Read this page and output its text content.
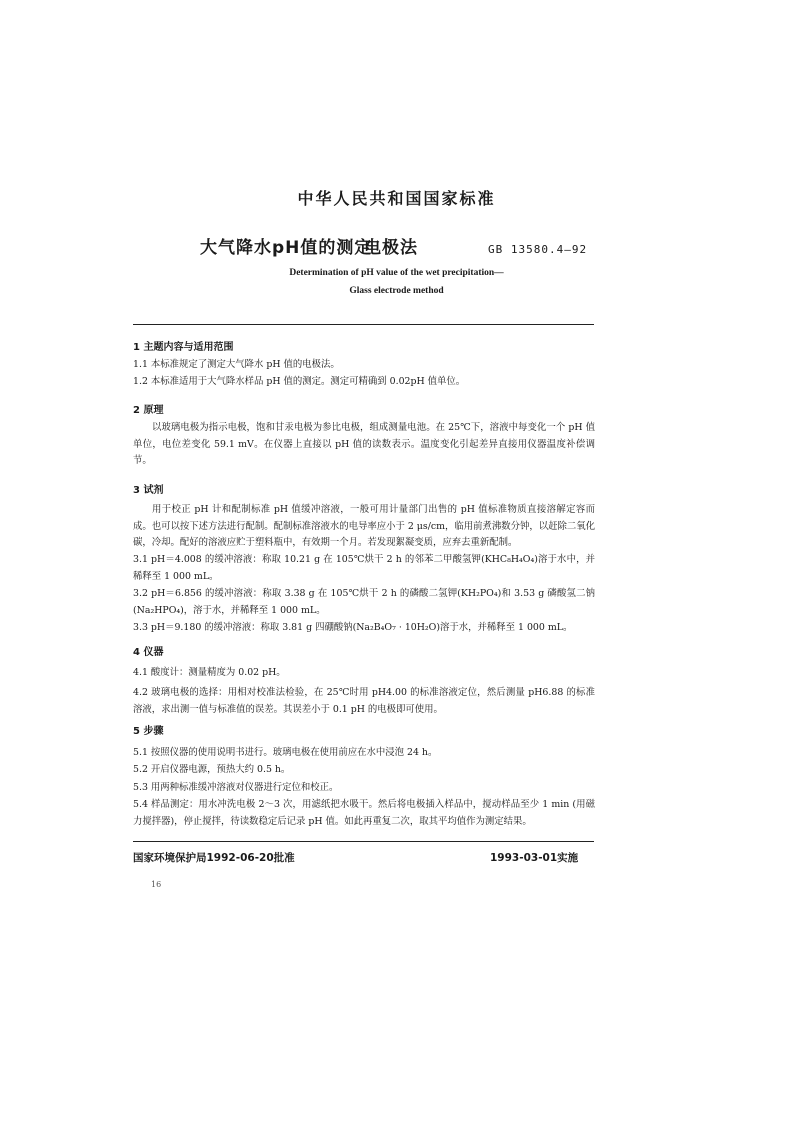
中华人民共和国国家标准
大气降水pH值的测定
电极法	GB 13580.4—92
Determination of pH value of the wet precipitation—
Glass electrode method
1 主题内容与适用范围
1.1 本标准规定了测定大气降水 pH 值的电极法。
1.2 本标准适用于大气降水样品 pH 值的测定。测定可精确到 0.02pH 值单位。
2 原理
以玻璃电极为指示电极，饱和甘汞电极为参比电极，组成测量电池。在 25℃下，溶液中每变化一个 pH 值单位，电位差变化 59.1 mV。在仪器上直接以 pH 值的读数表示。温度变化引起差异直接用仪器温度补偿调节。
3 试剂
用于校正 pH 计和配制标准 pH 值缓冲溶液，一般可用计量部门出售的 pH 值标准物质直接溶解定容而成。也可以按下述方法进行配制。配制标准溶液水的电导率应小于 2 μs/cm，临用前煮沸数分钟，以赶除二氧化碳，冷却。配好的溶液应贮于塑料瓶中，有效期一个月。若发现絮凝变质，应弃去重新配制。
3.1 pH＝4.008 的缓冲溶液：称取 10.21 g 在 105℃烘干 2 h 的邻苯二甲酸氢钾(KHC₈H₄O₄)溶于水中，并稀释至 1 000 mL。
3.2 pH＝6.856 的缓冲溶液：称取 3.38 g 在 105℃烘干 2 h 的磷酸二氢钾(KH₂PO₄)和 3.53 g 磷酸氢二钠(Na₂HPO₄)，溶于水，并稀释至 1 000 mL。
3.3 pH＝9.180 的缓冲溶液：称取 3.81 g 四硼酸钠(Na₂B₄O₇ · 10H₂O)溶于水，并稀释至 1 000 mL。
4 仪器
4.1 酸度计：测量精度为 0.02 pH。
4.2 玻璃电极的选择：用相对校准法检验，在 25℃时用 pH4.00 的标准溶液定位，然后测量 pH6.88 的标准溶液，求出测一值与标准值的误差。其误差小于 0.1 pH 的电极即可使用。
5 步骤
5.1 按照仪器的使用说明书进行。玻璃电极在使用前应在水中浸泡 24 h。
5.2 开启仪器电源，预热大约 0.5 h。
5.3 用两种标准缓冲溶液对仪器进行定位和校正。
5.4 样品测定：用水冲洗电极 2～3 次，用滤纸把水吸干。然后将电极插入样品中，搅动样品至少 1 min (用磁力搅拌器)，停止搅拌，待读数稳定后记录 pH 值。如此再重复二次，取其平均值作为测定结果。
国家环境保护局1992-06-20批准	1993-03-01实施
16
